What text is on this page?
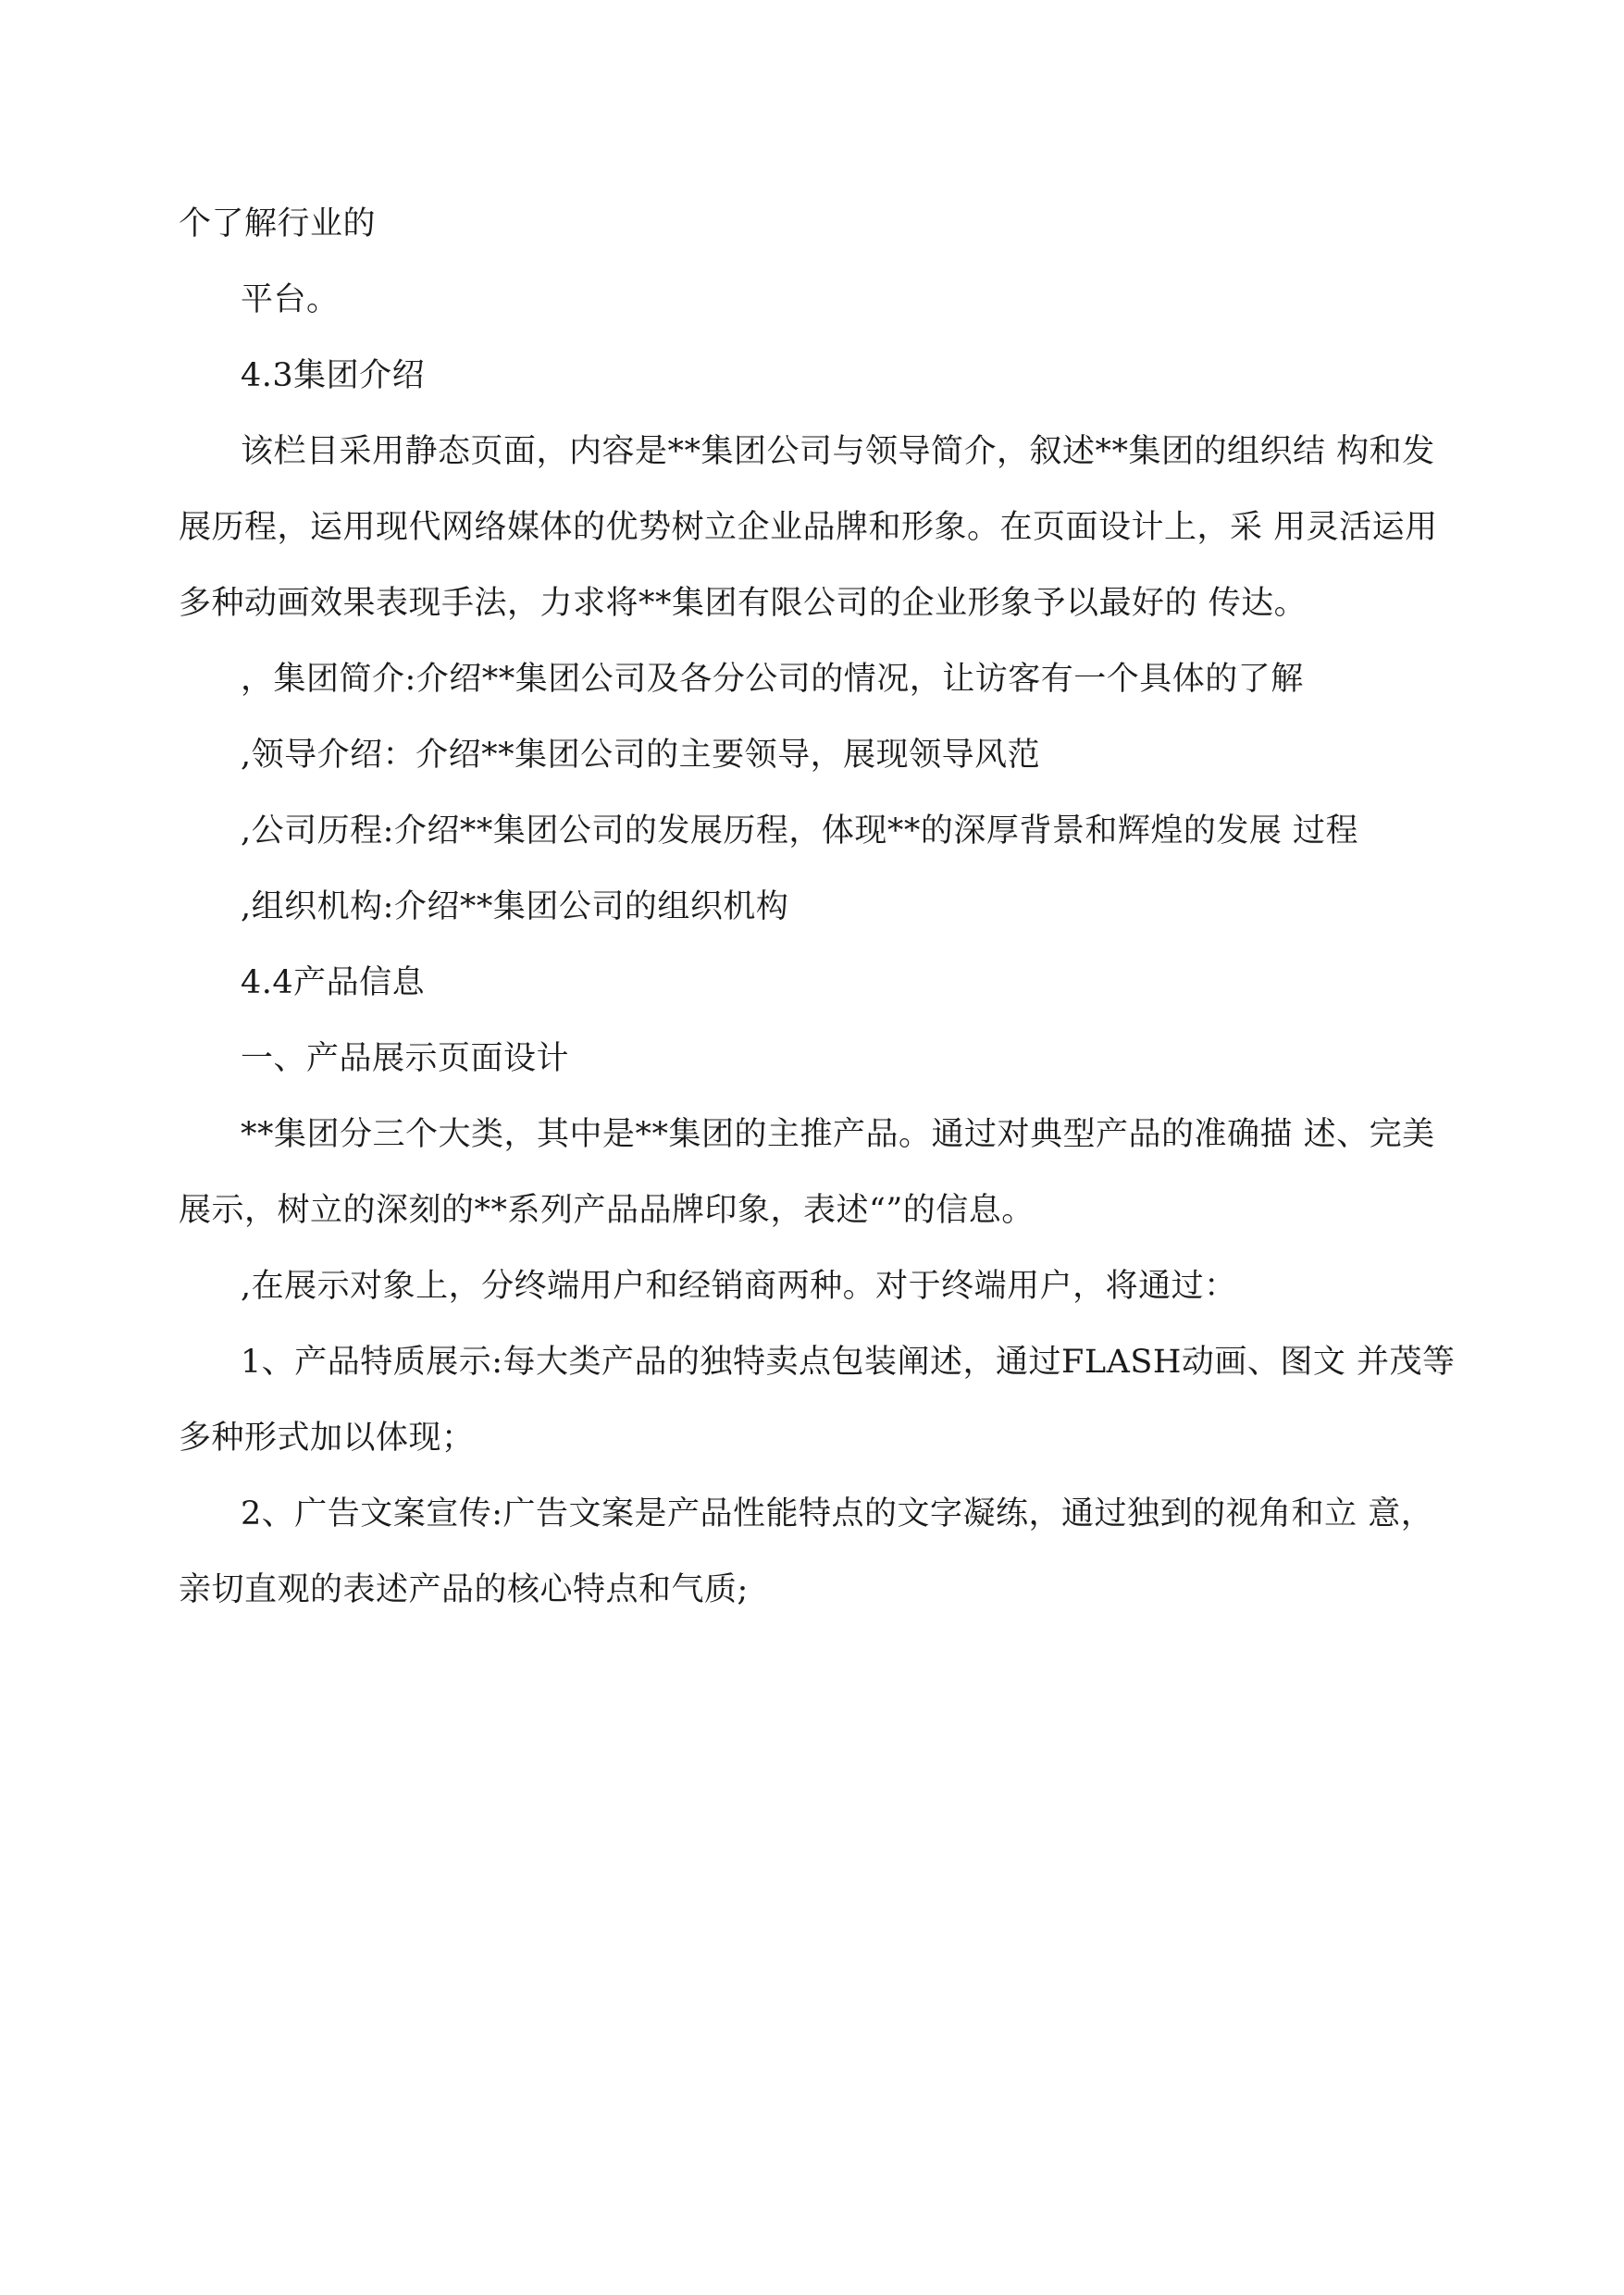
个了解行业的
平台。
4.3集团介绍
该栏目采用静态页面，内容是**集团公司与领导简介，叙述**集团的组织结 构和发
展历程，运用现代网络媒体的优势树立企业品牌和形象。在页面设计上，采 用灵活运用
多种动画效果表现手法，力求将**集团有限公司的企业形象予以最好的 传达。
，集团简介:介绍**集团公司及各分公司的情况，让访客有一个具体的了解
,领导介绍：介绍**集团公司的主要领导，展现领导风范
,公司历程:介绍**集团公司的发展历程，体现**的深厚背景和辉煌的发展 过程
,组织机构:介绍**集团公司的组织机构
4.4产品信息
一、产品展示页面设计
**集团分三个大类，其中是**集团的主推产品。通过对典型产品的准确描 述、完美
展示，树立的深刻的**系列产品品牌印象，表述“”的信息。
,在展示对象上，分终端用户和经销商两种。对于终端用户，将通过：
1、产品特质展示:每大类产品的独特卖点包装阐述，通过FLASH动画、图文 并茂等
多种形式加以体现；
2、广告文案宣传:广告文案是产品性能特点的文字凝练，通过独到的视角和立 意，
亲切直观的表述产品的核心特点和气质;
